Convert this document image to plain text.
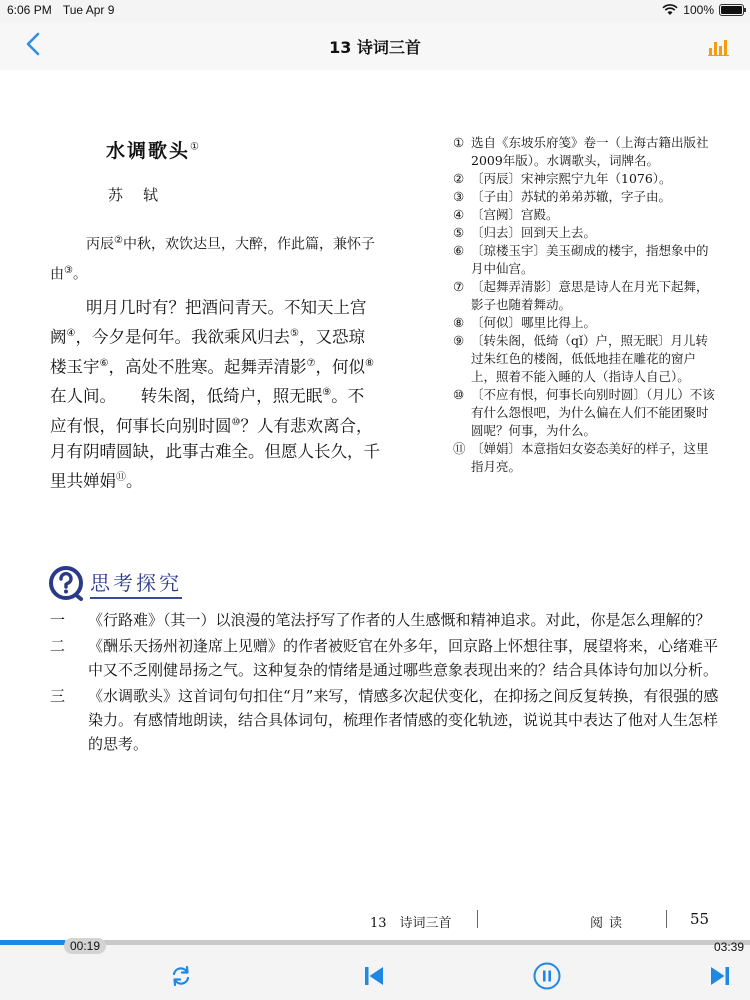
6:06 PM Tue Apr 9	100%
13 诗词三首
水调歌头①
苏轼
丙辰②中秋，欢饮达旦，大醉，作此篇，兼怀子由③。
明月几时有？把酒问青天。不知天上宫阙④，今夕是何年。我欲乘风归去⑤，又恐琼楼玉宇⑥，高处不胜寒。起舞弄清影⑦，何似⑧在人间。　　转朱阁，低绮户，照无眠⑨。不应有恨，何事长向别时圆⑩？人有悲欢离合，月有阴晴圆缺，此事古难全。但愿人长久，千里共婵娟⑪。
① 选自《东坡乐府笺》卷一（上海古籍出版社2009年版）。水调歌头，词牌名。
② 〔丙辰〕宋神宗熙宁九年（1076）。
③ 〔子由〕苏轼的弟弟苏辙，字子由。
④ 〔宫阙〕宫殿。
⑤ 〔归去〕回到天上去。
⑥ 〔琼楼玉宇〕美玉砌成的楼宇，指想象中的月中仙宫。
⑦ 〔起舞弄清影〕意思是诗人在月光下起舞，影子也随着舞动。
⑧ 〔何似〕哪里比得上。
⑨ 〔转朱阁，低绮（qǐ）户，照无眠〕月儿转过朱红色的楼阁，低低地挂在雕花的窗户上，照着不能入睡的人（指诗人自己）。
⑩ 〔不应有恨，何事长向别时圆〕（月儿）不该有什么怨恨吧，为什么偏在人们不能团聚时圆呢？何事，为什么。
⑪ 〔婵娟〕本意指妇女姿态美好的样子，这里指月亮。
思考探究
一	《行路难》（其一）以浪漫的笔法抒写了作者的人生感慨和精神追求。对此，你是怎么理解的？
二	《酬乐天扬州初逢席上见赠》的作者被贬官在外多年，回京路上怀想往事，展望将来，心绪难平中又不乏刚健昂扬之气。这种复杂的情绪是通过哪些意象表现出来的？结合具体诗句加以分析。
三	《水调歌头》这首词句句扣住“月”来写，情感多次起伏变化，在抑扬之间反复转换，有很强的感染力。有感情地朗读，结合具体词句，梳理作者情感的变化轨迹，说说其中表达了他对人生怎样的思考。
13　诗词三首	阅读	55
00:19	03:39
